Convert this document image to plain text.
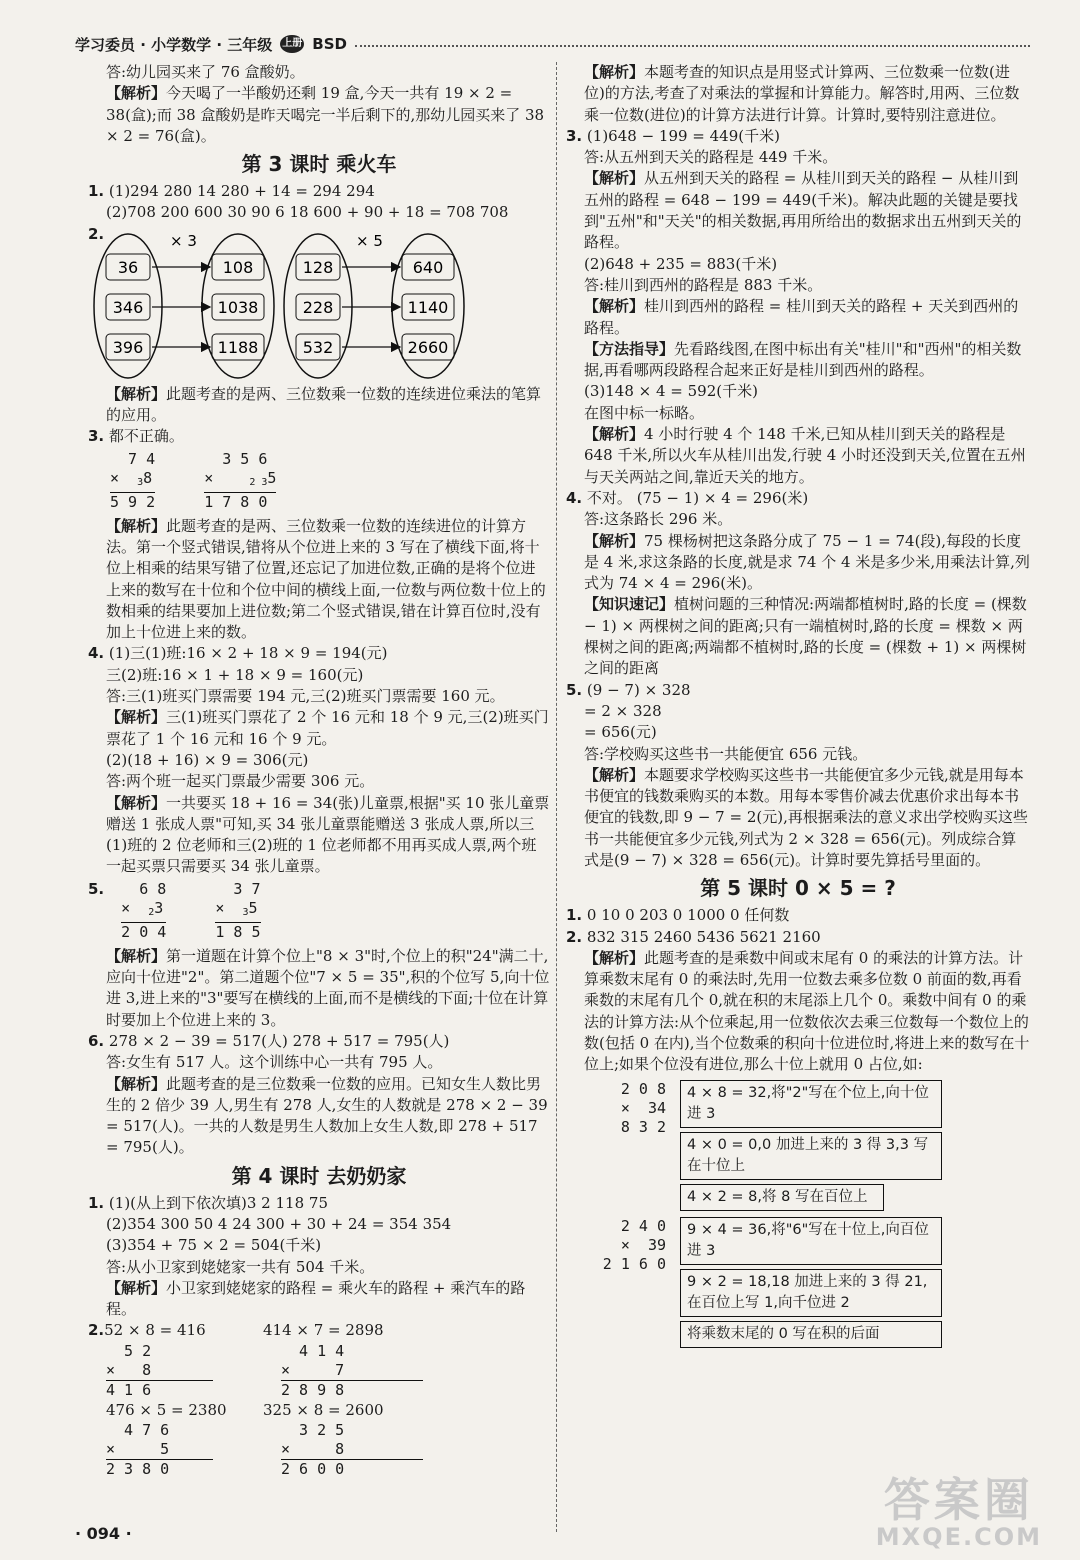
学习委员 · 小学数学 · 三年级 上册 BSD

答:幼儿园买来了 76 盒酸奶。

【解析】今天喝了一半酸奶还剩 19 盒,今天一共有 19 × 2 = 38(盒);而 38 盒酸奶是昨天喝完一半后剩下的,那幼儿园买来了 38 × 2 = 76(盒)。

第 3 课时 乘火车

1. (1)294 280 14 280 + 14 = 294 294

(2)708 200 600 30 90 6 18 600 + 90 + 18 = 708 708

2.	× 3	× 5
36
346
396
108
1038
1188
128
228
532
640
1140
2660

【解析】此题考查的是两、三位数乘一位数的连续进位乘法的笔算的应用。

3. 都不正确。

7 4
×  38
5 9 2

3 5 6
×    2 35
1 7 8 0

【解析】此题考查的是两、三位数乘一位数的连续进位的计算方法。第一个竖式错误,错将从个位进上来的 3 写在了横线下面,将十位上相乘的结果写错了位置,还忘记了加进位数,正确的是将个位进上来的数写在十位和个位中间的横线上面,一位数与两位数十位上的数相乘的结果要加上进位数;第二个竖式错误,错在计算百位时,没有加上十位进上来的数。

4. (1)三(1)班:16 × 2 + 18 × 9 = 194(元)

三(2)班:16 × 1 + 18 × 9 = 160(元)

答:三(1)班买门票需要 194 元,三(2)班买门票需要 160 元。

【解析】三(1)班买门票花了 2 个 16 元和 18 个 9 元,三(2)班买门票花了 1 个 16 元和 16 个 9 元。

(2)(18 + 16) × 9 = 306(元)

答:两个班一起买门票最少需要 306 元。

【解析】一共要买 18 + 16 = 34(张)儿童票,根据"买 10 张儿童票赠送 1 张成人票"可知,买 34 张儿童票能赠送 3 张成人票,所以三(1)班的 2 位老师和三(2)班的 1 位老师都不用再买成人票,两个班一起买票只需要买 34 张儿童票。

5. 6 8
×  23
2 0 4

3 7
×  35
1 8 5

【解析】第一道题在计算个位上"8 × 3"时,个位上的积"24"满二十,应向十位进"2"。第二道题个位"7 × 5 = 35",积的个位写 5,向十位进 3,进上来的"3"要写在横线的上面,而不是横线的下面;十位在计算时要加上个位进上来的 3。

6. 278 × 2 − 39 = 517(人) 278 + 517 = 795(人)

答:女生有 517 人。这个训练中心一共有 795 人。

【解析】此题考查的是三位数乘一位数的应用。已知女生人数比男生的 2 倍少 39 人,男生有 278 人,女生的人数就是 278 × 2 − 39 = 517(人)。一共的人数是男生人数加上女生人数,即 278 + 517 = 795(人)。

第 4 课时 去奶奶家

1. (1)(从上到下依次填)3 2 118 75

(2)354 300 50 4 24 300 + 30 + 24 = 354 354

(3)354 + 75 × 2 = 504(千米)

答:从小卫家到姥姥家一共有 504 千米。

【解析】小卫家到姥姥家的路程 = 乘火车的路程 + 乘汽车的路程。

2.52 × 8 = 416	414 × 7 = 2898
5 2
×   8
4 1 6
4 1 4
×     7
2 8 9 8
476 × 5 = 2380	325 × 8 = 2600
4 7 6
×     5
2 3 8 0
3 2 5
×     8
2 6 0 0

【解析】本题考查的知识点是用竖式计算两、三位数乘一位数(进位)的方法,考查了对乘法的掌握和计算能力。解答时,用两、三位数乘一位数(进位)的计算方法进行计算。计算时,要特别注意进位。

3. (1)648 − 199 = 449(千米)

答:从五州到天关的路程是 449 千米。

【解析】从五州到天关的路程 = 从桂川到天关的路程 − 从桂川到五州的路程 = 648 − 199 = 449(千米)。解决此题的关键是要找到"五州"和"天关"的相关数据,再用所给出的数据求出五州到天关的路程。

(2)648 + 235 = 883(千米)

答:桂川到西州的路程是 883 千米。

【解析】桂川到西州的路程 = 桂川到天关的路程 + 天关到西州的路程。

【方法指导】先看路线图,在图中标出有关"桂川"和"西州"的相关数据,再看哪两段路程合起来正好是桂川到西州的路程。

(3)148 × 4 = 592(千米)

在图中标一标略。

【解析】4 小时行驶 4 个 148 千米,已知从桂川到天关的路程是 648 千米,所以火车从桂川出发,行驶 4 小时还没到天关,位置在五州与天关两站之间,靠近天关的地方。

4. 不对。 (75 − 1) × 4 = 296(米)

答:这条路长 296 米。

【解析】75 棵杨树把这条路分成了 75 − 1 = 74(段),每段的长度是 4 米,求这条路的长度,就是求 74 个 4 米是多少米,用乘法计算,列式为 74 × 4 = 296(米)。

【知识速记】植树问题的三种情况:两端都植树时,路的长度 = (棵数 − 1) × 两棵树之间的距离;只有一端植树时,路的长度 = 棵数 × 两棵树之间的距离;两端都不植树时,路的长度 = (棵数 + 1) × 两棵树之间的距离

5. (9 − 7) × 328

= 2 × 328

= 656(元)

答:学校购买这些书一共能便宜 656 元钱。

【解析】本题要求学校购买这些书一共能便宜多少元钱,就是用每本书便宜的钱数乘购买的本数。用每本零售价减去优惠价求出每本书便宜的钱数,即 9 − 7 = 2(元),再根据乘法的意义求出学校购买这些书一共能便宜多少元钱,列式为 2 × 328 = 656(元)。列成综合算式是(9 − 7) × 328 = 656(元)。计算时要先算括号里面的。

第 5 课时 0 × 5 = ?

1. 0 10 0 203 0 1000 0 任何数

2. 832 315 2460 5436 5621 2160

【解析】此题考查的是乘数中间或末尾有 0 的乘法的计算方法。计算乘数末尾有 0 的乘法时,先用一位数去乘多位数 0 前面的数,再看乘数的末尾有几个 0,就在积的末尾添上几个 0。乘数中间有 0 的乘法的计算方法:从个位乘起,用一位数依次去乘三位数每一个数位上的数(包括 0 在内),当个位数乘的积向十位进位时,将进上来的数写在十位上;如果个位没有进位,那么十位上就用 0 占位,如:

2 0 8
×  34
8 3 2
4 × 8 = 32,将"2"写在个位上,向十位进 3
4 × 0 = 0,0 加进上来的 3 得 3,3 写在十位上
4 × 2 = 8,将 8 写在百位上
2 4 0
×  39
2 1 6 0
9 × 4 = 36,将"6"写在十位上,向百位进 3
9 × 2 = 18,18 加进上来的 3 得 21,在百位上写 1,向千位进 2
将乘数末尾的 0 写在积的后面
· 094 ·
答案圈
MXQE.COM
